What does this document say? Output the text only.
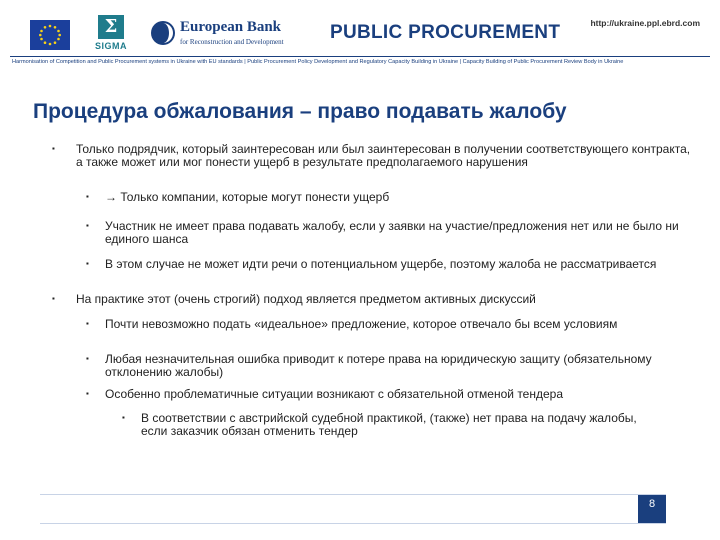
Σ
SIGMA
European Bank
for Reconstruction and Development PUBLIC PROCUREMENT	http://ukraine.ppl.ebrd.com
Harmonisation of Competition and Public Procurement systems in Ukraine with EU standards | Public Procurement Policy Development and Regulatory Capacity Building in Ukraine | Capacity Building of Public Procurement Review Body in Ukraine
Процедура обжалования – право подавать жалобу
▪ Только подрядчик, который заинтересован или был заинтересован в получении соответствующего контракта, а также может или мог понести ущерб в результате предполагаемого нарушения
▪ → Только компании, которые могут понести ущерб
▪ Участник не имеет права подавать жалобу, если у заявки на участие/предложения нет или не было ни единого шанса
▪ В этом случае не может идти речи о потенциальном ущербе, поэтому жалоба не рассматривается
▪ На практике этот (очень строгий) подход является предметом активных дискуссий
▪ Почти невозможно подать «идеальное» предложение, которое отвечало бы всем условиям
▪ Любая незначительная ошибка приводит к потере права на юридическую защиту (обязательному отклонению жалобы)
▪ Особенно проблематичные ситуации возникают с обязательной отменой тендера
▪ В соответствии с австрийской судебной практикой, (также) нет права на подачу жалобы, если заказчик обязан отменить тендер
8
